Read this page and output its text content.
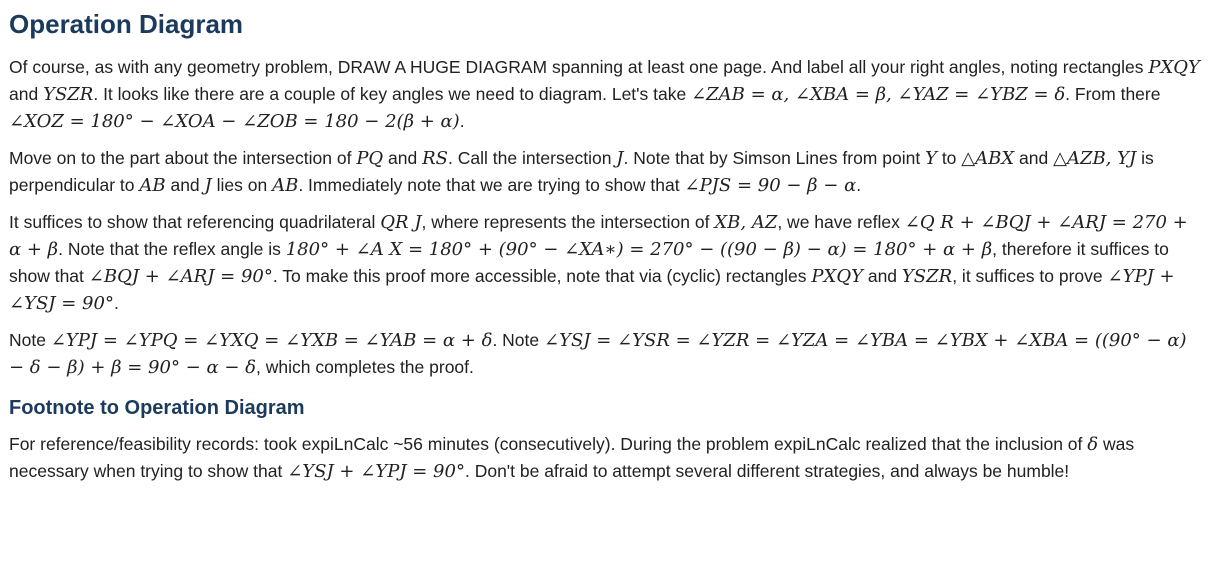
Operation Diagram

Of course, as with any geometry problem, DRAW A HUGE DIAGRAM spanning at least one page. And label all your right angles, noting rectangles PXQY and YSZR. It looks like there are a couple of key angles we need to diagram. Let's take ∠ZAB = α, ∠XBA = β, ∠YAZ = ∠YBZ = δ. From there ∠XOZ = 180° − ∠XOA − ∠ZOB = 180 − 2(β + α).

Move on to the part about the intersection of PQ and RS. Call the intersection J. Note that by Simson Lines from point Y to △ABX and △AZB, YJ is perpendicular to AB and J lies on AB. Immediately note that we are trying to show that ∠PJS = 90 − β − α.

It suffices to show that referencing quadrilateral QR J, where represents the intersection of XB, AZ, we have reflex ∠Q R + ∠BQJ + ∠ARJ = 270 + α + β. Note that the reflex angle is 180° + ∠A X = 180° + (90° − ∠XA∗) = 270° − ((90 − β) − α) = 180° + α + β, therefore it suffices to show that ∠BQJ + ∠ARJ = 90°. To make this proof more accessible, note that via (cyclic) rectangles PXQY and YSZR, it suffices to prove ∠YPJ + ∠YSJ = 90°.

Note ∠YPJ = ∠YPQ = ∠YXQ = ∠YXB = ∠YAB = α + δ. Note ∠YSJ = ∠YSR = ∠YZR = ∠YZA = ∠YBA = ∠YBX + ∠XBA = ((90° − α) − δ − β) + β = 90° − α − δ, which completes the proof.

Footnote to Operation Diagram

For reference/feasibility records: took expiLnCalc ~56 minutes (consecutively). During the problem expiLnCalc realized that the inclusion of δ was necessary when trying to show that ∠YSJ + ∠YPJ = 90°. Don't be afraid to attempt several different strategies, and always be humble!
